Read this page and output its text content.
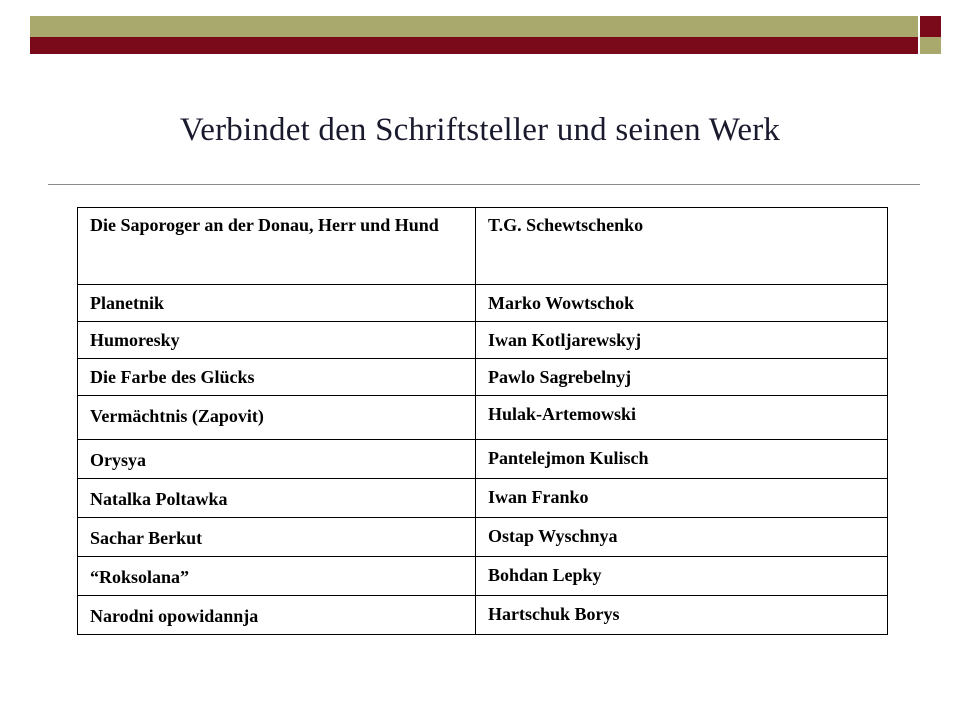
Verbindet den Schriftsteller und seinen Werk
Die Saporoger an der Donau, Herr und Hund	T.G. Schewtschenko
Planetnik	Marko Wowtschok
Humoresky	Iwan Kotljarewskyj
Die Farbe des Glücks	Pawlo Sagrebelnyj
Vermächtnis (Zapovit)	Hulak-Artemowski
Orysya	Pantelejmon Kulisch
Natalka Poltawka	Iwan Franko
Sachar Berkut	Ostap Wyschnya
“Roksolana”	Bohdan Lepky
Narodni opowidannja	Hartschuk Borys
